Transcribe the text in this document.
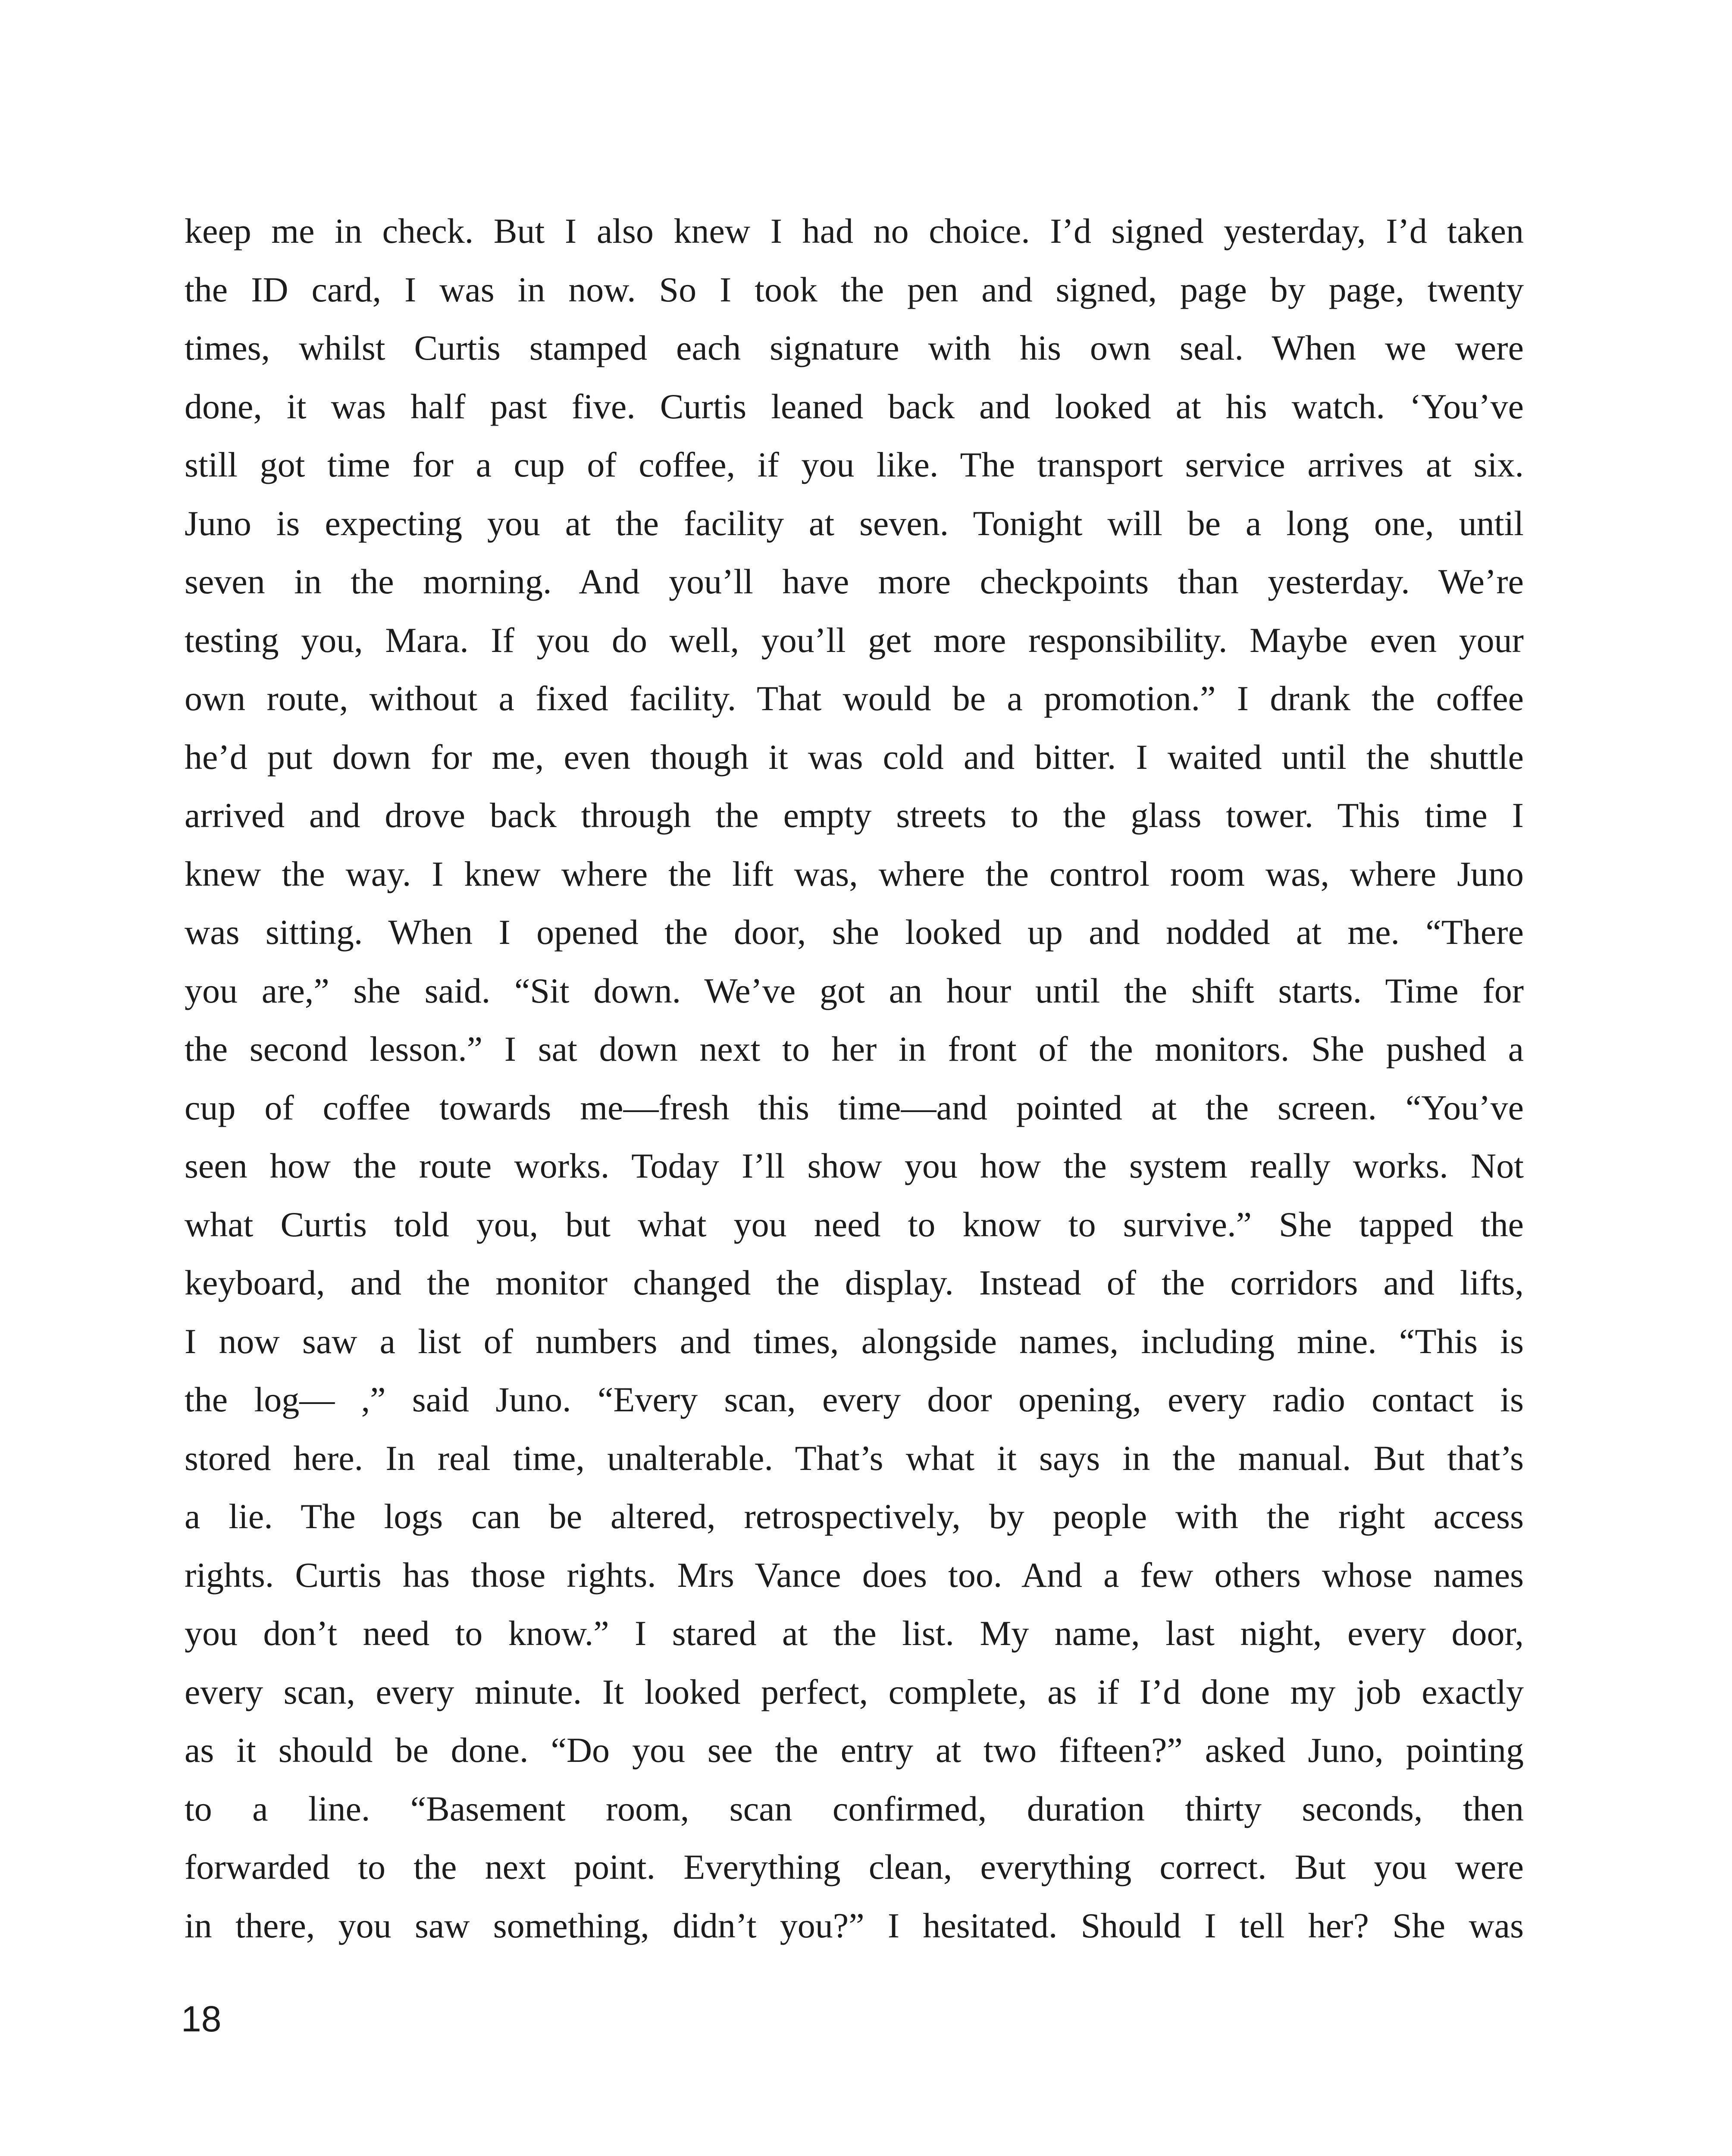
keep me in check. But I also knew I had no choice. I’d signed yesterday, I’d taken
the ID card, I was in now. So I took the pen and signed, page by page, twenty
times, whilst Curtis stamped each signature with his own seal. When we were
done, it was half past five. Curtis leaned back and looked at his watch. ‘You’ve
still got time for a cup of coffee, if you like. The transport service arrives at six.
Juno is expecting you at the facility at seven. Tonight will be a long one, until
seven in the morning. And you’ll have more checkpoints than yesterday. We’re
testing you, Mara. If you do well, you’ll get more responsibility. Maybe even your
own route, without a fixed facility. That would be a promotion.” I drank the coffee
he’d put down for me, even though it was cold and bitter. I waited until the shuttle
arrived and drove back through the empty streets to the glass tower. This time I
knew the way. I knew where the lift was, where the control room was, where Juno
was sitting. When I opened the door, she looked up and nodded at me. “There
you are,” she said. “Sit down. We’ve got an hour until the shift starts. Time for
the second lesson.” I sat down next to her in front of the monitors. She pushed a
cup of coffee towards me—fresh this time—and pointed at the screen. “You’ve
seen how the route works. Today I’ll show you how the system really works. Not
what Curtis told you, but what you need to know to survive.” She tapped the
keyboard, and the monitor changed the display. Instead of the corridors and lifts,
I now saw a list of numbers and times, alongside names, including mine. “This is
the log— ,” said Juno. “Every scan, every door opening, every radio contact is
stored here. In real time, unalterable. That’s what it says in the manual. But that’s
a lie. The logs can be altered, retrospectively, by people with the right access
rights. Curtis has those rights. Mrs Vance does too. And a few others whose names
you don’t need to know.” I stared at the list. My name, last night, every door,
every scan, every minute. It looked perfect, complete, as if I’d done my job exactly
as it should be done. “Do you see the entry at two fifteen?” asked Juno, pointing
to a line. “Basement room, scan confirmed, duration thirty seconds, then
forwarded to the next point. Everything clean, everything correct. But you were
in there, you saw something, didn’t you?” I hesitated. Should I tell her? She was
18
